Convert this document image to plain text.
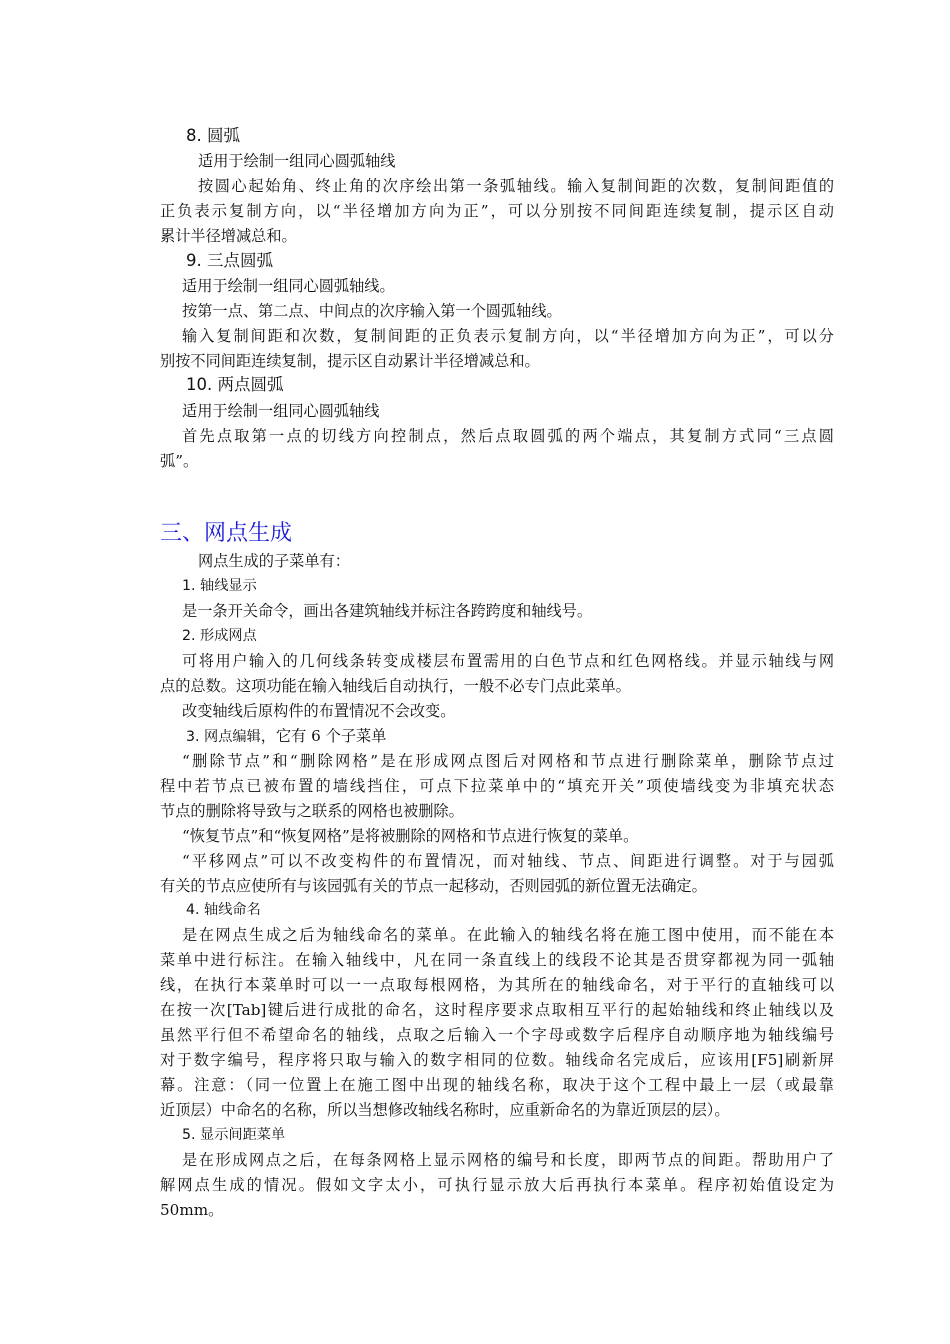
8. 圆弧
适用于绘制一组同心圆弧轴线
按圆心起始角、终止角的次序绘出第一条弧轴线。输入复制间距的次数，复制间距值的
正负表示复制方向，以“半径增加方向为正”，可以分别按不同间距连续复制，提示区自动
累计半径增减总和。
9. 三点圆弧
适用于绘制一组同心圆弧轴线。
按第一点、第二点、中间点的次序输入第一个圆弧轴线。
输入复制间距和次数，复制间距的正负表示复制方向，以“半径增加方向为正”，可以分
别按不同间距连续复制，提示区自动累计半径增减总和。
10. 两点圆弧
适用于绘制一组同心圆弧轴线
首先点取第一点的切线方向控制点，然后点取圆弧的两个端点，其复制方式同“三点圆
弧”。
三、网点生成
网点生成的子菜单有：
1. 轴线显示
是一条开关命令，画出各建筑轴线并标注各跨跨度和轴线号。
2. 形成网点
可将用户输入的几何线条转变成楼层布置需用的白色节点和红色网格线。并显示轴线与网
点的总数。这项功能在输入轴线后自动执行，一般不必专门点此菜单。
改变轴线后原构件的布置情况不会改变。
3. 网点编辑，它有 6 个子菜单
“删除节点”和“删除网格”是在形成网点图后对网格和节点进行删除菜单，删除节点过
程中若节点已被布置的墙线挡住，可点下拉菜单中的“填充开关”项使墙线变为非填充状态
节点的删除将导致与之联系的网格也被删除。
“恢复节点”和“恢复网格”是将被删除的网格和节点进行恢复的菜单。
“平移网点”可以不改变构件的布置情况，而对轴线、节点、间距进行调整。对于与园弧
有关的节点应使所有与该园弧有关的节点一起移动，否则园弧的新位置无法确定。
4. 轴线命名
是在网点生成之后为轴线命名的菜单。在此输入的轴线名将在施工图中使用，而不能在本
菜单中进行标注。在输入轴线中，凡在同一条直线上的线段不论其是否贯穿都视为同一弧轴
线，在执行本菜单时可以一一点取每根网格，为其所在的轴线命名，对于平行的直轴线可以
在按一次[Tab]键后进行成批的命名，这时程序要求点取相互平行的起始轴线和终止轴线以及
虽然平行但不希望命名的轴线，点取之后输入一个字母或数字后程序自动顺序地为轴线编号
对于数字编号，程序将只取与输入的数字相同的位数。轴线命名完成后，应该用[F5]刷新屏
幕。注意：（同一位置上在施工图中出现的轴线名称，取决于这个工程中最上一层（或最靠
近顶层）中命名的名称，所以当想修改轴线名称时，应重新命名的为靠近顶层的层）。
5. 显示间距菜单
是在形成网点之后，在每条网格上显示网格的编号和长度，即两节点的间距。帮助用户了
解网点生成的情况。假如文字太小，可执行显示放大后再执行本菜单。程序初始值设定为
50mm。
